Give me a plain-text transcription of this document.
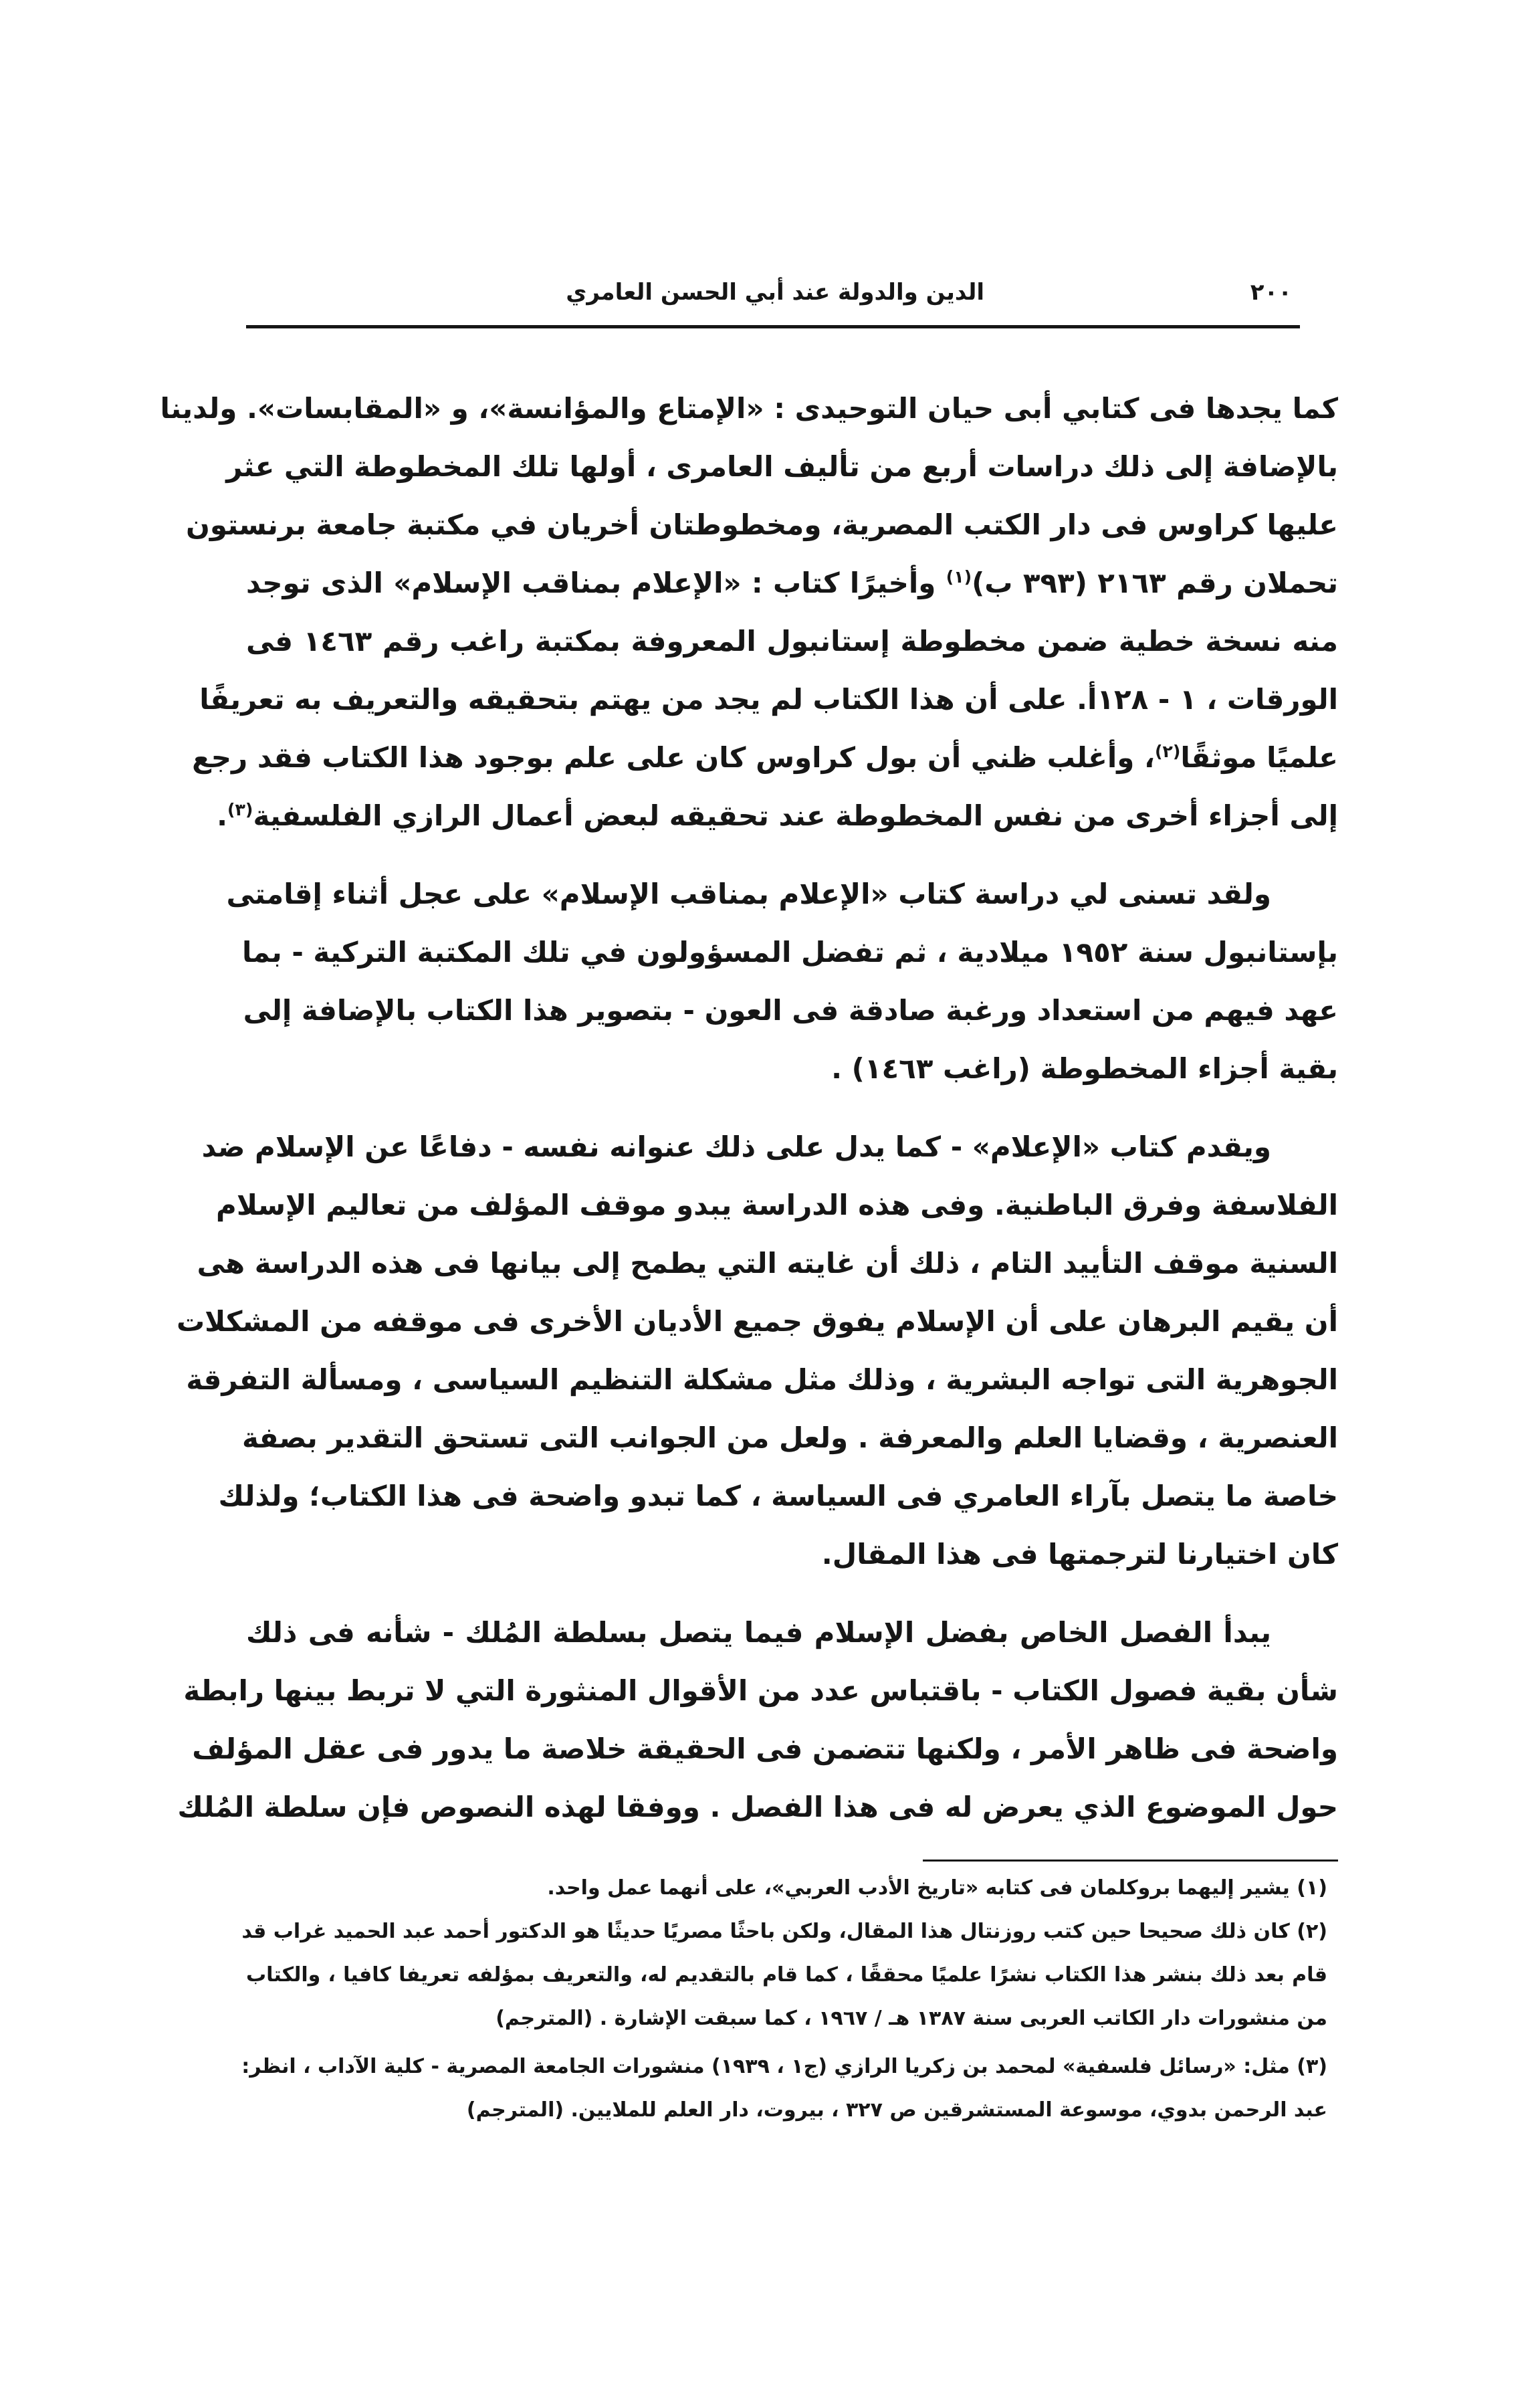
٢٠٠
الدين والدولة عند أبي الحسن العامري
كما يجدها فى كتابي أبى حيان التوحيدى : «الإمتاع والمؤانسة»، و «المقابسات». ولدينا
بالإضافة إلى ذلك دراسات أربع من تأليف العامرى ، أولها تلك المخطوطة التي عثر
عليها كراوس فى دار الكتب المصرية، ومخطوطتان أخريان في مكتبة جامعة برنستون
تحملان رقم ٢١٦٣ (٣٩٣ ب)$^{(١)}$ وأخيرًا كتاب : «الإعلام بمناقب الإسلام» الذى توجد
منه نسخة خطية ضمن مخطوطة إستانبول المعروفة بمكتبة راغب رقم ١٤٦٣ فى
الورقات ، ١ - ١٢٨أ. على أن هذا الكتاب لم يجد من يهتم بتحقيقه والتعريف به تعريفًا
علميًا موثقًا$^{(٢)}$، وأغلب ظني أن بول كراوس كان على علم بوجود هذا الكتاب فقد رجع
إلى أجزاء أخرى من نفس المخطوطة عند تحقيقه لبعض أعمال الرازي الفلسفية$^{(٣)}$.
ولقد تسنى لي دراسة كتاب «الإعلام بمناقب الإسلام» على عجل أثناء إقامتى
بإستانبول سنة ١٩٥٢ ميلادية ، ثم تفضل المسؤولون في تلك المكتبة التركية - بما
عهد فيهم من استعداد ورغبة صادقة فى العون - بتصوير هذا الكتاب بالإضافة إلى
بقية أجزاء المخطوطة (راغب ١٤٦٣) .
ويقدم كتاب «الإعلام» - كما يدل على ذلك عنوانه نفسه - دفاعًا عن الإسلام ضد
الفلاسفة وفرق الباطنية. وفى هذه الدراسة يبدو موقف المؤلف من تعاليم الإسلام
السنية موقف التأييد التام ، ذلك أن غايته التي يطمح إلى بيانها فى هذه الدراسة هى
أن يقيم البرهان على أن الإسلام يفوق جميع الأديان الأخرى فى موقفه من المشكلات
الجوهرية التى تواجه البشرية ، وذلك مثل مشكلة التنظيم السياسى ، ومسألة التفرقة
العنصرية ، وقضايا العلم والمعرفة . ولعل من الجوانب التى تستحق التقدير بصفة
خاصة ما يتصل بآراء العامري فى السياسة ، كما تبدو واضحة فى هذا الكتاب؛ ولذلك
كان اختيارنا لترجمتها فى هذا المقال.
يبدأ الفصل الخاص بفضل الإسلام فيما يتصل بسلطة المُلك - شأنه فى ذلك
شأن بقية فصول الكتاب - باقتباس عدد من الأقوال المنثورة التي لا تربط بينها رابطة
واضحة فى ظاهر الأمر ، ولكنها تتضمن فى الحقيقة خلاصة ما يدور فى عقل المؤلف
حول الموضوع الذي يعرض له فى هذا الفصل . ووفقا لهذه النصوص فإن سلطة المُلك
(١) يشير إليهما بروكلمان فى كتابه «تاريخ الأدب العربي»، على أنهما عمل واحد.
(٢) كان ذلك صحيحا حين كتب روزنتال هذا المقال، ولكن باحثًا مصريًا حديثًا هو الدكتور أحمد عبد الحميد غراب قد
قام بعد ذلك بنشر هذا الكتاب نشرًا علميًا محققًا ، كما قام بالتقديم له، والتعريف بمؤلفه تعريفا كافيا ، والكتاب
من منشورات دار الكاتب العربى سنة ١٣٨٧ هـ / ١٩٦٧ ، كما سبقت الإشارة . (المترجم)
(٣) مثل: «رسائل فلسفية» لمحمد بن زكريا الرازي (ج١ ، ١٩٣٩) منشورات الجامعة المصرية - كلية الآداب ، انظر:
عبد الرحمن بدوي، موسوعة المستشرقين ص ٣٢٧ ، بيروت، دار العلم للملايين. (المترجم)
